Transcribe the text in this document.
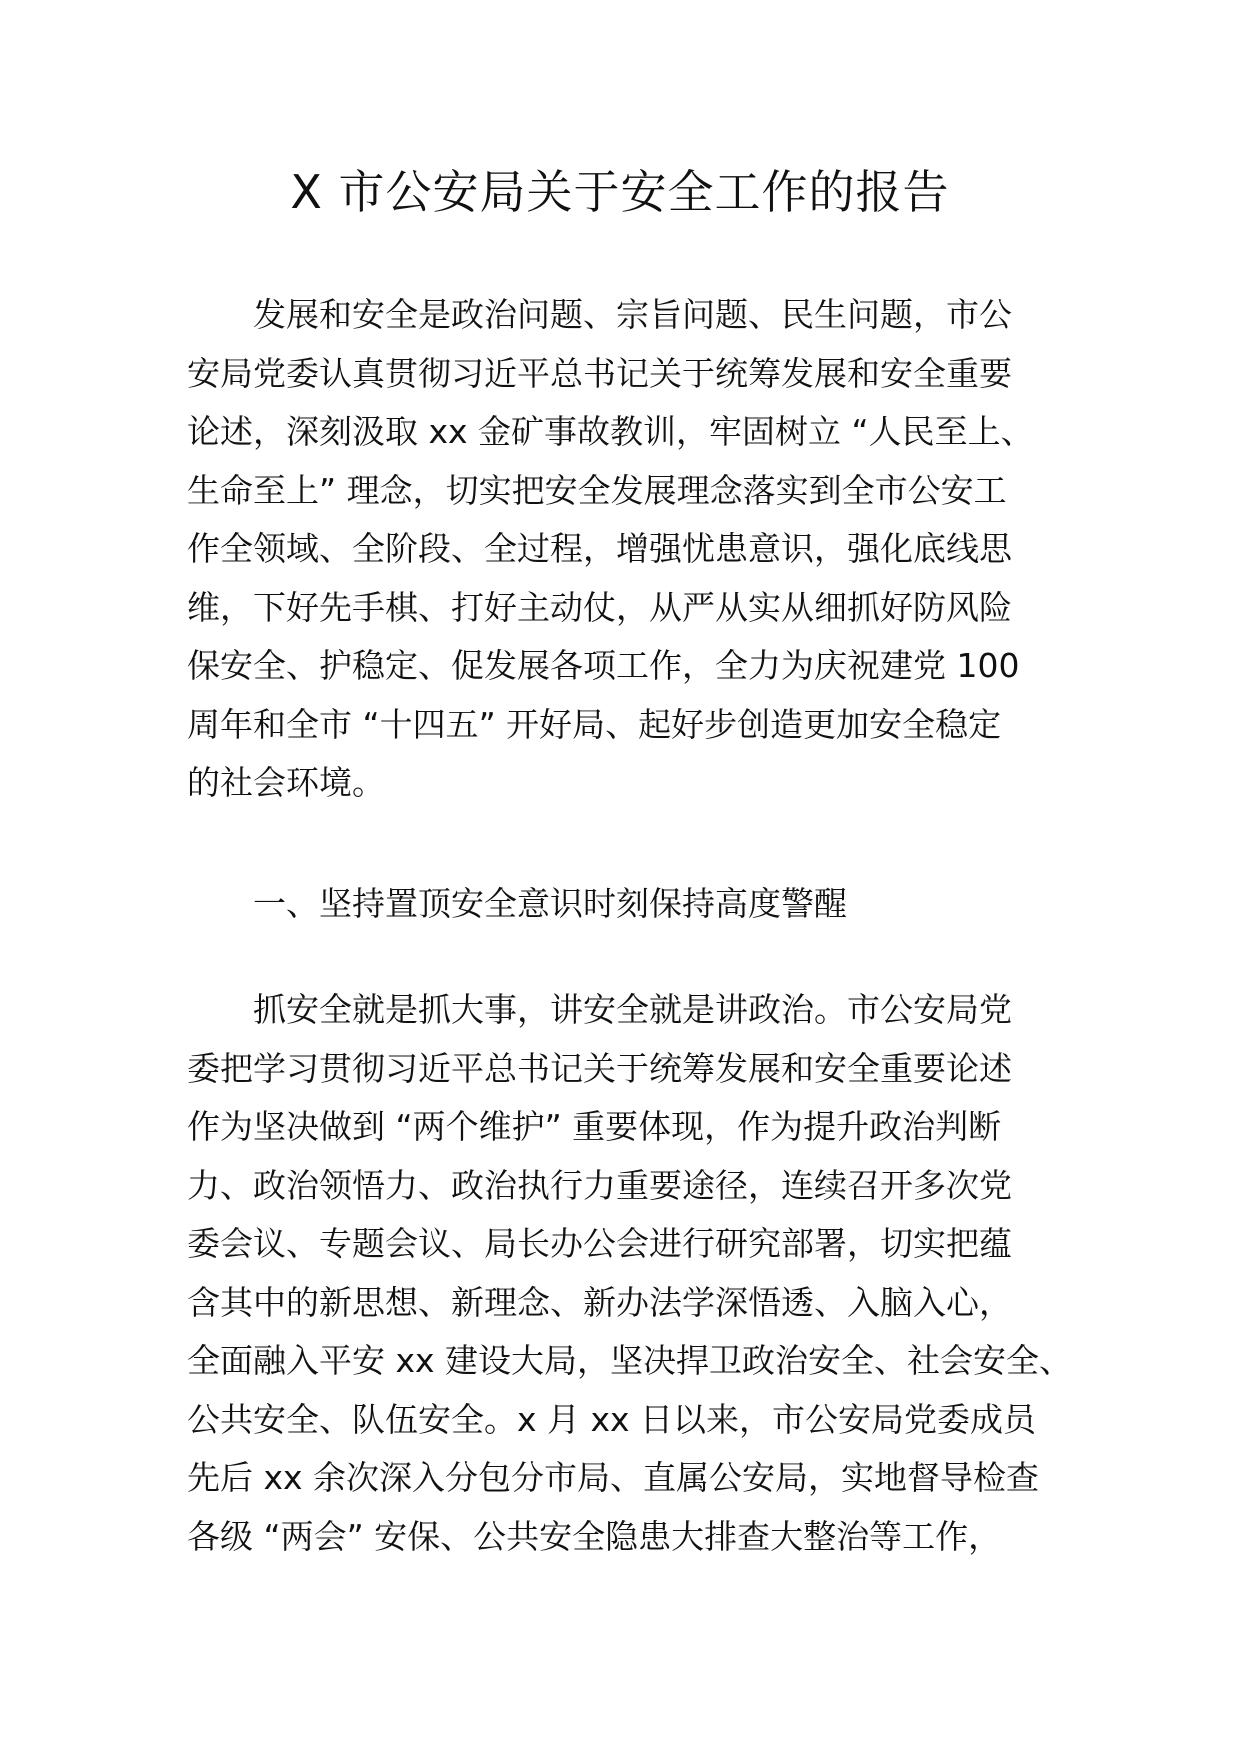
X 市公安局关于安全工作的报告
发展和安全是政治问题、宗旨问题、民生问题，市公
安局党委认真贯彻习近平总书记关于统筹发展和安全重要
论述，深刻汲取 xx 金矿事故教训，牢固树立 “人民至上、
生命至上” 理念，切实把安全发展理念落实到全市公安工
作全领域、全阶段、全过程，增强忧患意识，强化底线思
维，下好先手棋、打好主动仗，从严从实从细抓好防风险
保安全、护稳定、促发展各项工作，全力为庆祝建党 100
周年和全市 “十四五” 开好局、起好步创造更加安全稳定
的社会环境。
一、坚持置顶安全意识时刻保持高度警醒
抓安全就是抓大事，讲安全就是讲政治。市公安局党
委把学习贯彻习近平总书记关于统筹发展和安全重要论述
作为坚决做到 “两个维护” 重要体现，作为提升政治判断
力、政治领悟力、政治执行力重要途径，连续召开多次党
委会议、专题会议、局长办公会进行研究部署，切实把蕴
含其中的新思想、新理念、新办法学深悟透、入脑入心，
全面融入平安 xx 建设大局，坚决捍卫政治安全、社会安全、
公共安全、队伍安全。x 月 xx 日以来，市公安局党委成员
先后 xx 余次深入分包分市局、直属公安局，实地督导检查
各级 “两会” 安保、公共安全隐患大排查大整治等工作，
